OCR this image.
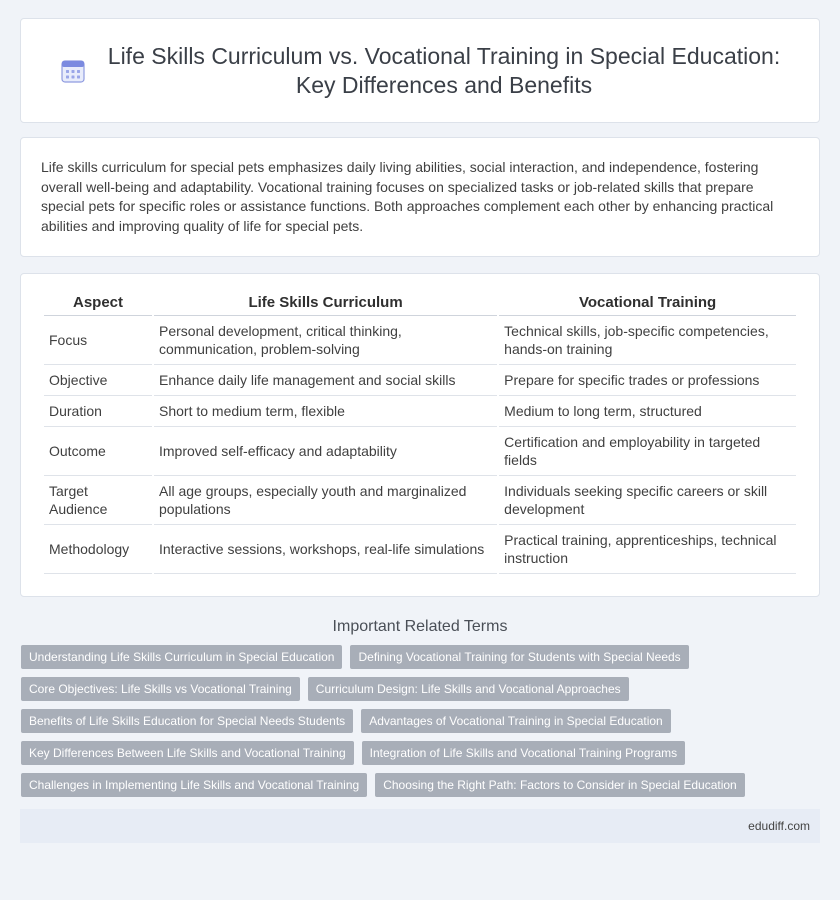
Life Skills Curriculum vs. Vocational Training in Special Education:
Key Differences and Benefits
Life skills curriculum for special pets emphasizes daily living abilities, social interaction, and independence, fostering overall well-being and adaptability. Vocational training focuses on specialized tasks or job-related skills that prepare special pets for specific roles or assistance functions. Both approaches complement each other by enhancing practical abilities and improving quality of life for special pets.
Aspect	Life Skills Curriculum	Vocational Training
Focus	Personal development, critical thinking, communication, problem-solving	Technical skills, job-specific competencies, hands-on training
Objective	Enhance daily life management and social skills	Prepare for specific trades or professions
Duration	Short to medium term, flexible	Medium to long term, structured
Outcome	Improved self-efficacy and adaptability	Certification and employability in targeted fields
Target Audience	All age groups, especially youth and marginalized populations	Individuals seeking specific careers or skill development
Methodology	Interactive sessions, workshops, real-life simulations	Practical training, apprenticeships, technical instruction
Important Related Terms
Understanding Life Skills Curriculum in Special Education	Defining Vocational Training for Students with Special Needs
Core Objectives: Life Skills vs Vocational Training	Curriculum Design: Life Skills and Vocational Approaches
Benefits of Life Skills Education for Special Needs Students	Advantages of Vocational Training in Special Education
Key Differences Between Life Skills and Vocational Training	Integration of Life Skills and Vocational Training Programs
Challenges in Implementing Life Skills and Vocational Training	Choosing the Right Path: Factors to Consider in Special Education
edudiff.com
